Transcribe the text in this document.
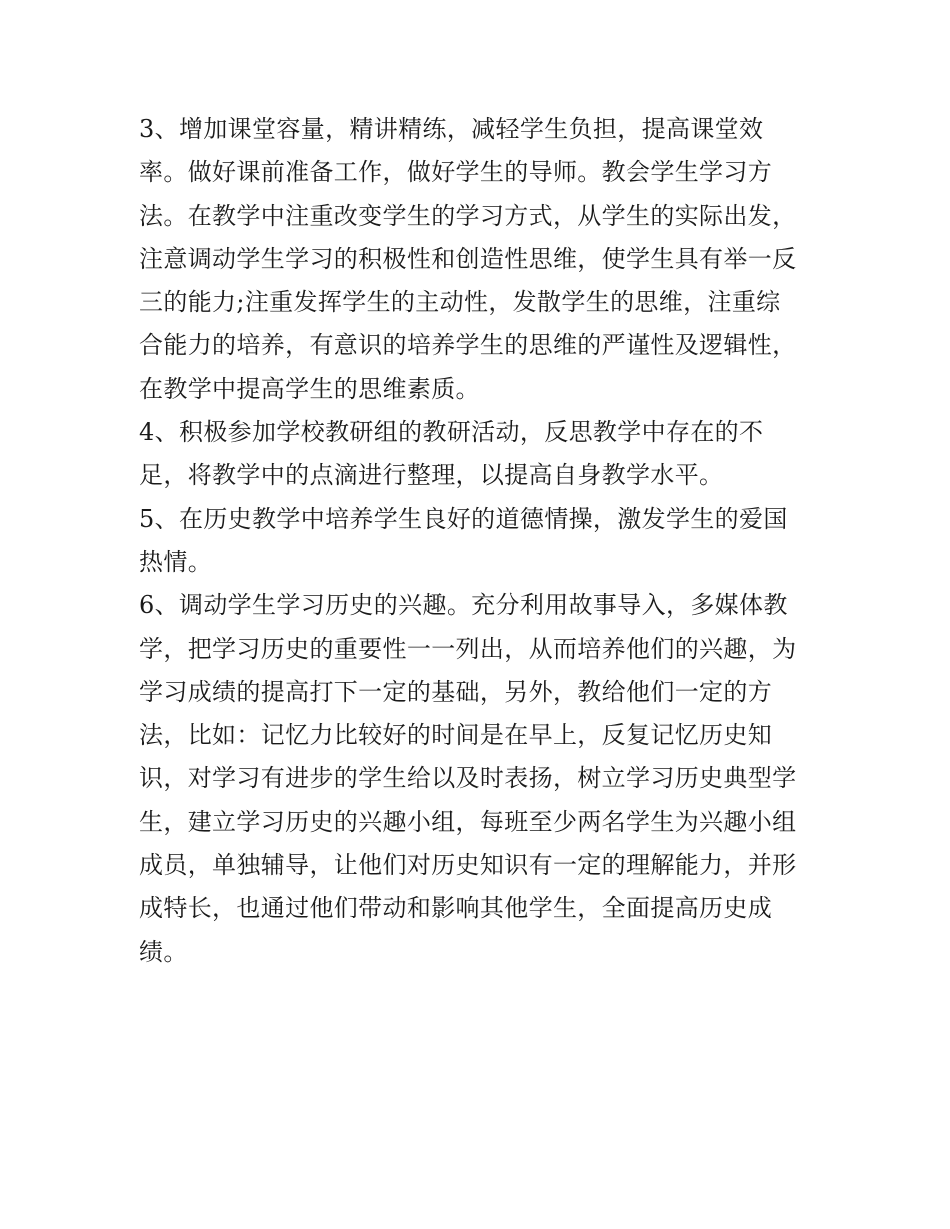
3、增加课堂容量，精讲精练，减轻学生负担，提高课堂效
率。做好课前准备工作，做好学生的导师。教会学生学习方
法。在教学中注重改变学生的学习方式，从学生的实际出发，
注意调动学生学习的积极性和创造性思维，使学生具有举一反
三的能力;注重发挥学生的主动性，发散学生的思维，注重综
合能力的培养，有意识的培养学生的思维的严谨性及逻辑性，
在教学中提高学生的思维素质。

4、积极参加学校教研组的教研活动，反思教学中存在的不
足，将教学中的点滴进行整理，以提高自身教学水平。

5、在历史教学中培养学生良好的道德情操，激发学生的爱国
热情。

6、调动学生学习历史的兴趣。充分利用故事导入，多媒体教
学，把学习历史的重要性一一列出，从而培养他们的兴趣，为
学习成绩的提高打下一定的基础，另外，教给他们一定的方
法，比如：记忆力比较好的时间是在早上，反复记忆历史知
识，对学习有进步的学生给以及时表扬，树立学习历史典型学
生，建立学习历史的兴趣小组，每班至少两名学生为兴趣小组
成员，单独辅导，让他们对历史知识有一定的理解能力，并形
成特长，也通过他们带动和影响其他学生，全面提高历史成
绩。
